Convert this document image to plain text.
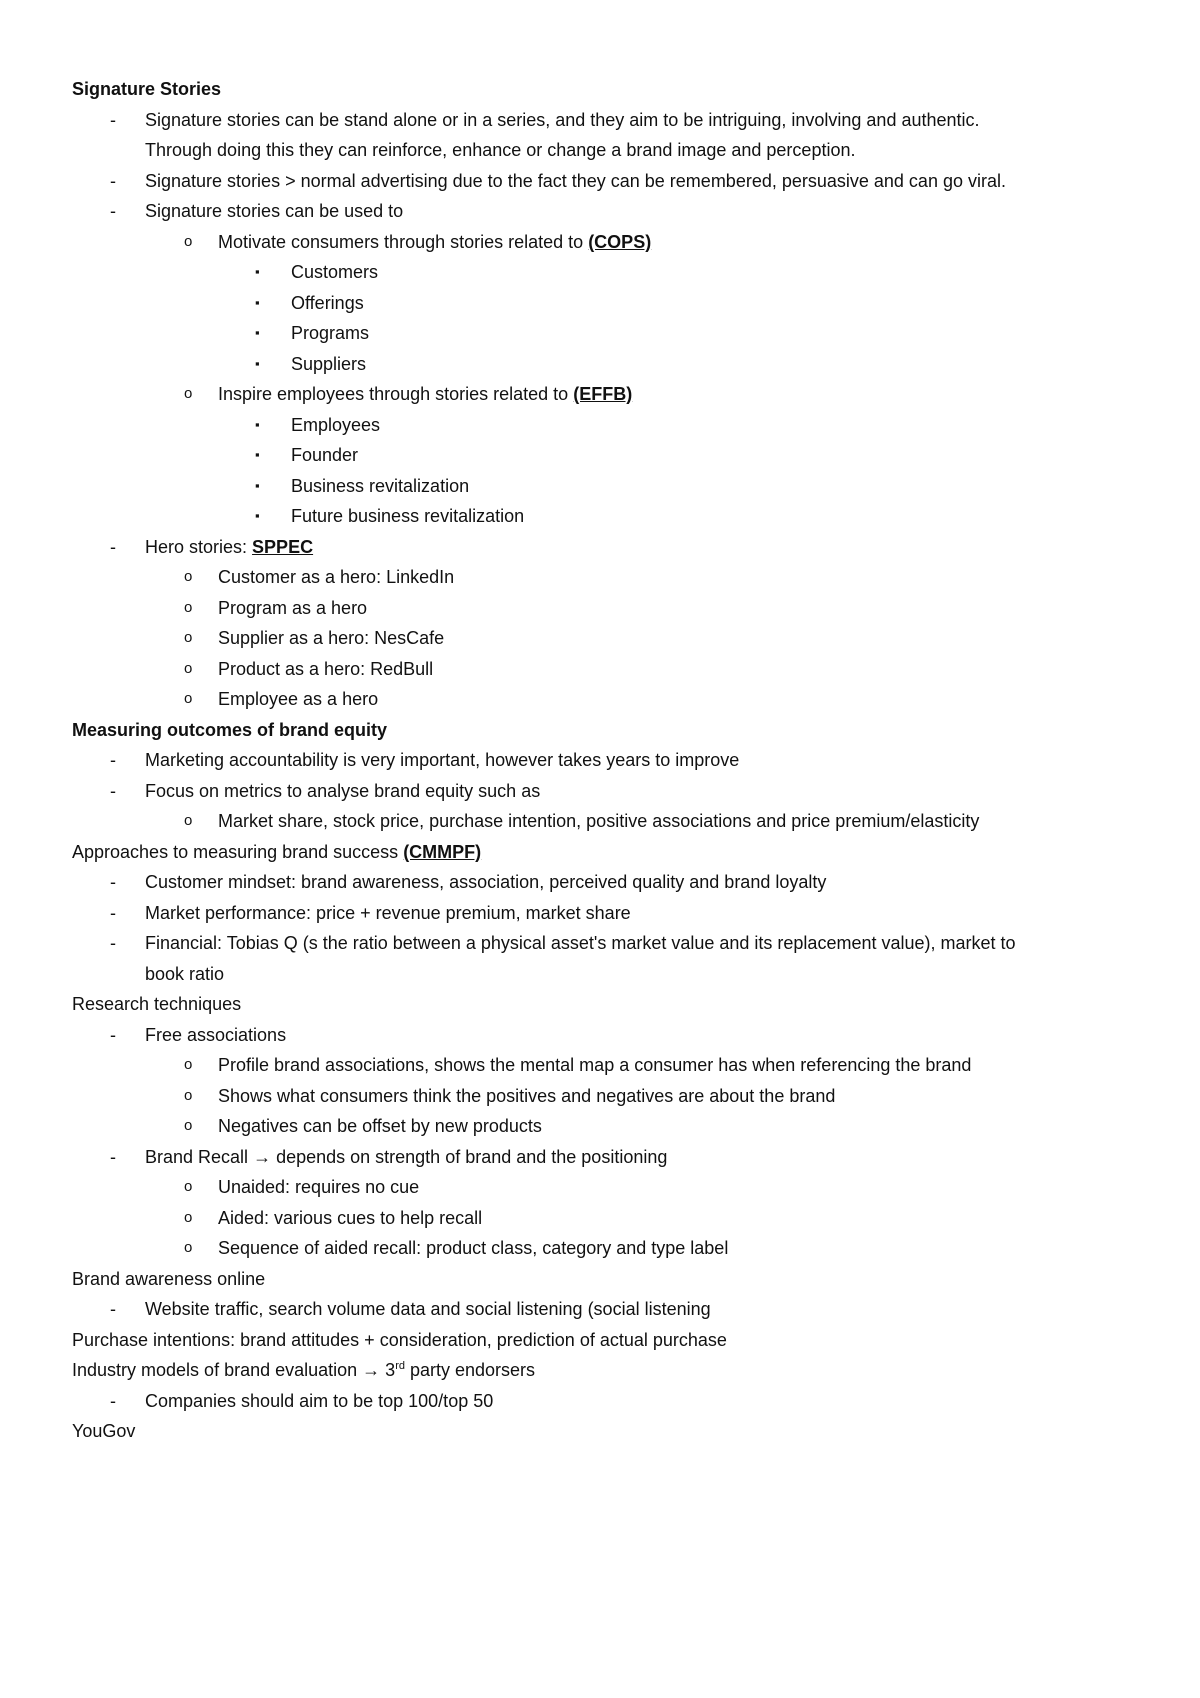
Signature Stories
- Signature stories can be stand alone or in a series, and they aim to be intriguing, involving and authentic.
Through doing this they can reinforce, enhance or change a brand image and perception.
- Signature stories > normal advertising due to the fact they can be remembered, persuasive and can go viral.
- Signature stories can be used to
o Motivate consumers through stories related to (COPS)
▪ Customers
▪ Offerings
▪ Programs
▪ Suppliers
o Inspire employees through stories related to (EFFB)
▪ Employees
▪ Founder
▪ Business revitalization
▪ Future business revitalization
- Hero stories: SPPEC
o Customer as a hero: LinkedIn
o Program as a hero
o Supplier as a hero: NesCafe
o Product as a hero: RedBull
o Employee as a hero
Measuring outcomes of brand equity
- Marketing accountability is very important, however takes years to improve
- Focus on metrics to analyse brand equity such as
o Market share, stock price, purchase intention, positive associations and price premium/elasticity
Approaches to measuring brand success (CMMPF)
- Customer mindset: brand awareness, association, perceived quality and brand loyalty
- Market performance: price + revenue premium, market share
- Financial: Tobias Q (s the ratio between a physical asset's market value and its replacement value), market to
book ratio
Research techniques
- Free associations
o Profile brand associations, shows the mental map a consumer has when referencing the brand
o Shows what consumers think the positives and negatives are about the brand
o Negatives can be offset by new products
- Brand Recall → depends on strength of brand and the positioning
o Unaided: requires no cue
o Aided: various cues to help recall
o Sequence of aided recall: product class, category and type label
Brand awareness online
- Website traffic, search volume data and social listening (social listening
Purchase intentions: brand attitudes + consideration, prediction of actual purchase
Industry models of brand evaluation → 3rd party endorsers
- Companies should aim to be top 100/top 50
YouGov
